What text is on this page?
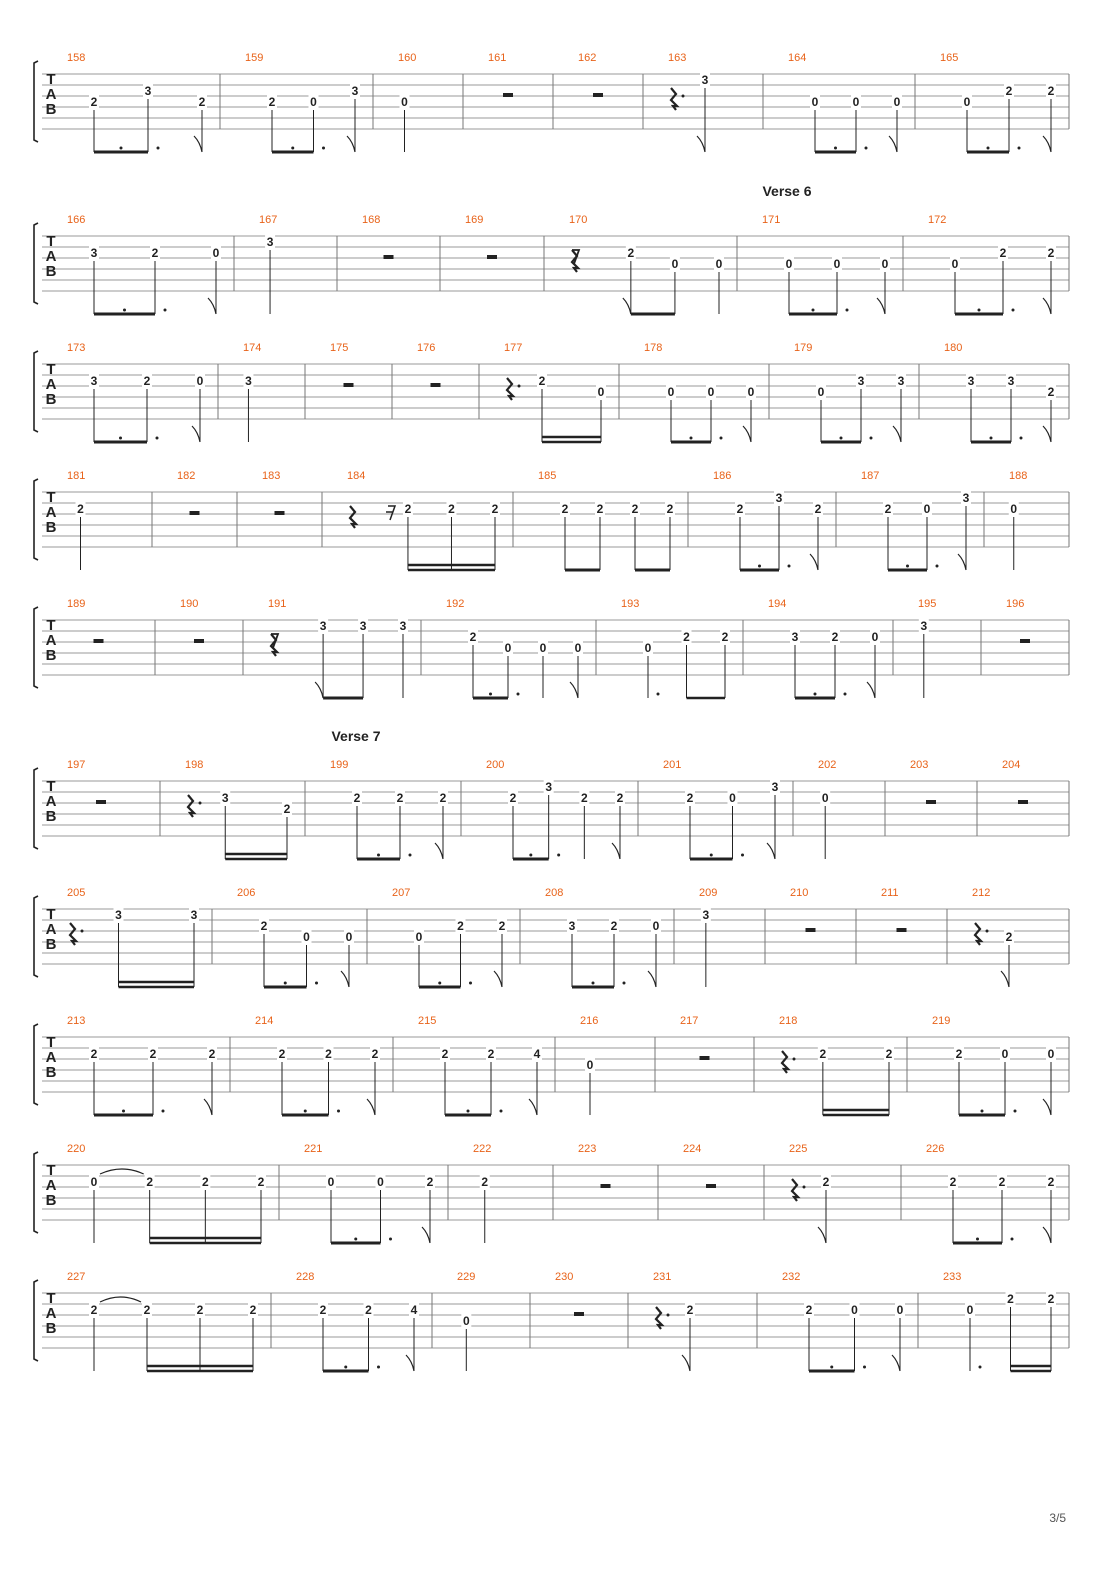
T
A
B
158
2
3
2
159
2	0
3
160
0
161	162	163
3
164
0	0	0
165
0
2	2
T
A
B
Verse 6
166
3	2	0
167
3
168	169	170
2
0	0
171
0	0	0
172
0
2	2
T
A
B
173
3	2	0
174
3
175	176	177
2
0
178
0	0	0
179
0
3	3
180
3	3
2
T
A
B
181
2
182	183	184
2	2	2
185
2 2 2 2
186
2
3
2
187
2	0
3
188
0
T
A
B
189	190	191
3	3	3
192
2
0 0 0
193
0
2	2
194
3	2	0
195
3
196
T
A
B
Verse 7
197	198
3
2
199
2	2	2
200
2
3
2 2
201
2	0
3
202
0
203	204
T
A
B
205
3	3
206
2
0	0
207
0
2	2
208
3	2	0
209
3
210	211	212
2
T
A
B
213
2	2	2
214
2	2	2
215
2	2	4
216
0
217	218
2	2
219
2	0	0
T
A
B
220
0	2	2	2
221
0	0	2
222
2
223	224	225
2
226
2	2	2
T
A
B
227
2	2	2	2
228
2	2	4
229
0
230	231
2
232
2	0	0
233
0
2	2
3/5
